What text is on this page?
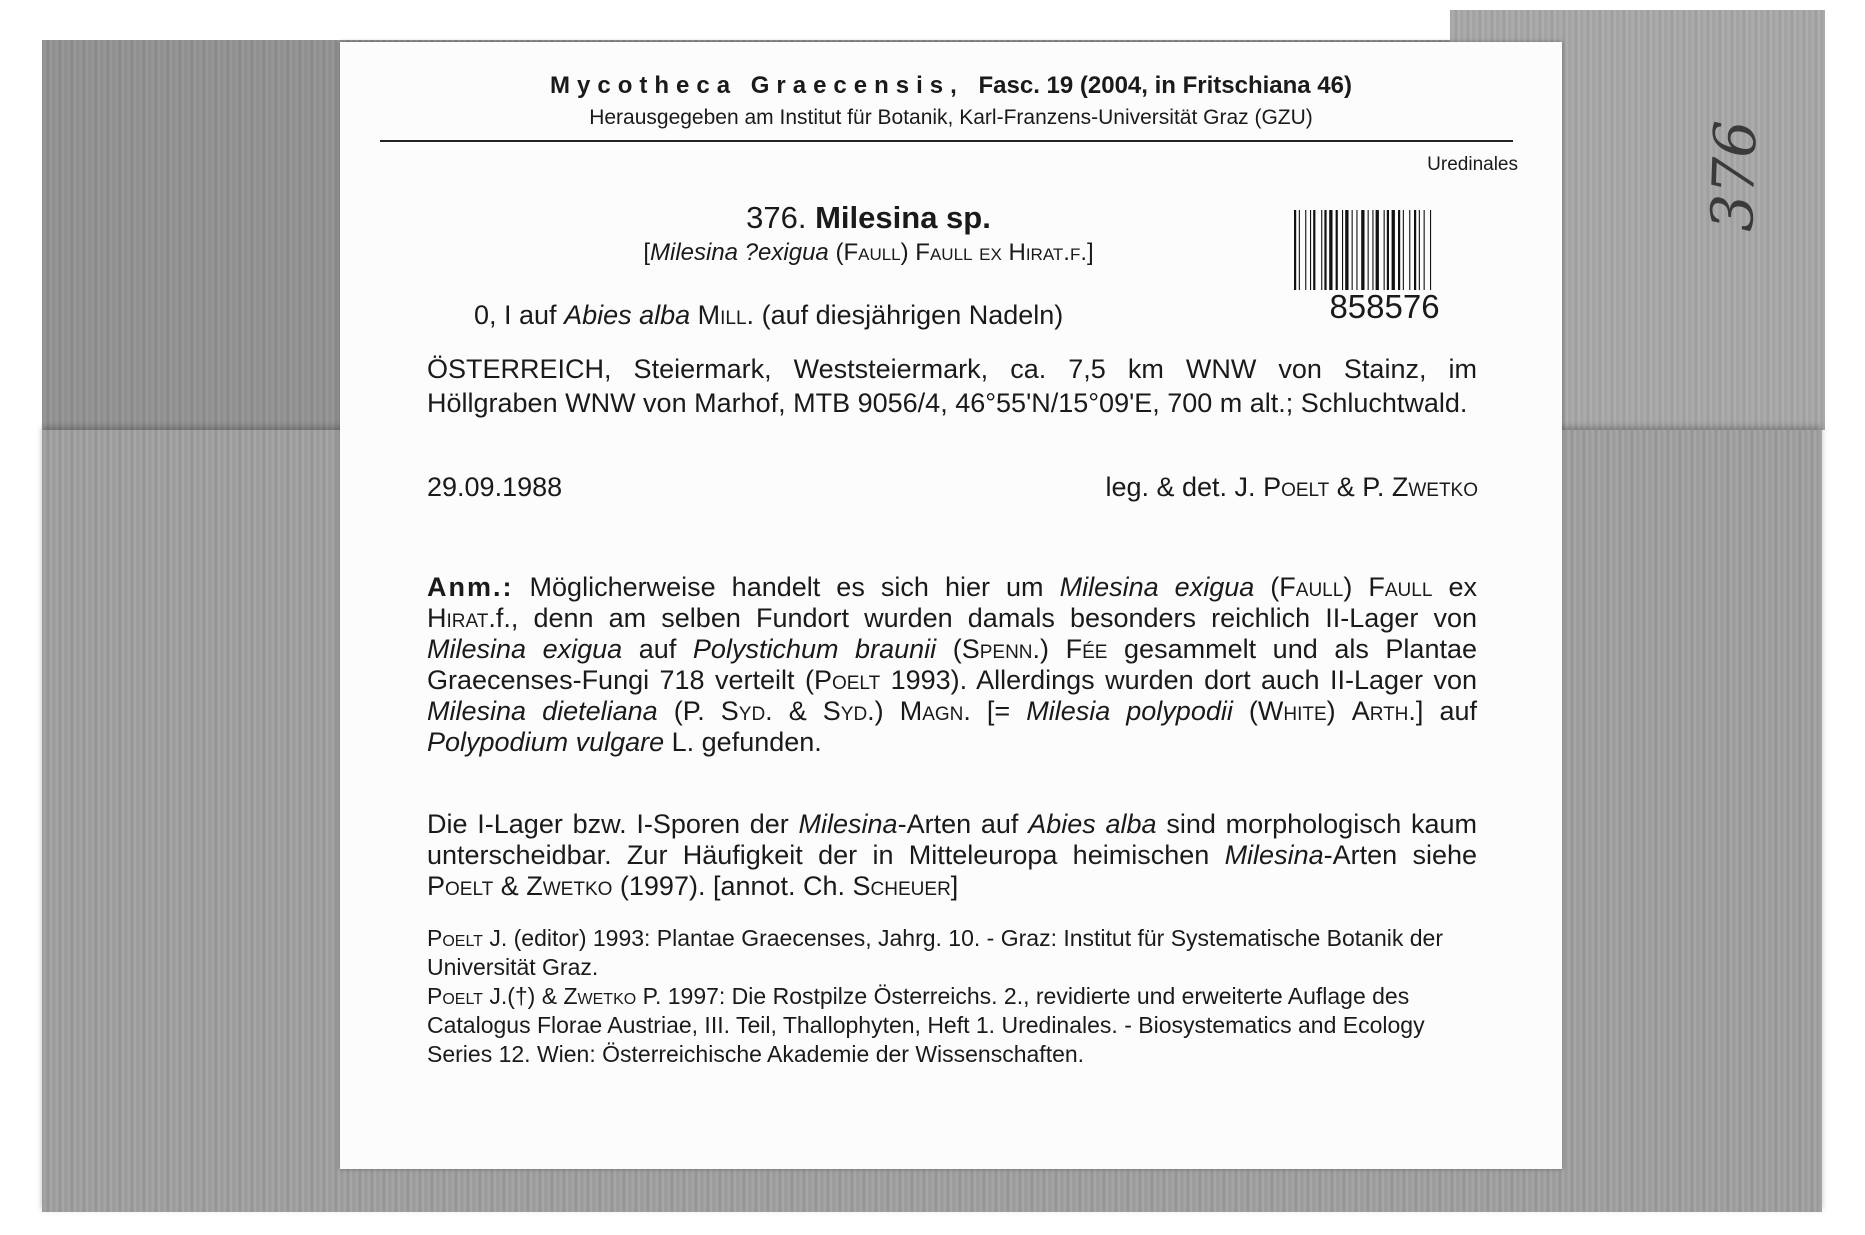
376
Mycotheca Graecensis, Fasc. 19 (2004, in Fritschiana 46)
Herausgegeben am Institut für Botanik, Karl-Franzens-Universität Graz (GZU)
Uredinales
376. Milesina sp.
[Milesina ?exigua (Faull) Faull ex Hirat.f.]
858576
0, I auf Abies alba Mill. (auf diesjährigen Nadeln)
ÖSTERREICH, Steiermark, Weststeiermark, ca. 7,5 km WNW von Stainz, im Höllgraben WNW von Marhof, MTB 9056/4, 46°55'N/15°09'E, 700 m alt.; Schluchtwald.
29.09.1988	leg. & det. J. Poelt & P. Zwetko
Anm.: Möglicherweise handelt es sich hier um Milesina exigua (Faull) Faull ex Hirat.f., denn am selben Fundort wurden damals besonders reichlich II-Lager von Milesina exigua auf Polystichum braunii (Spenn.) Fée gesammelt und als Plantae Graecenses-Fungi 718 verteilt (Poelt 1993). Allerdings wurden dort auch II-Lager von Milesina dieteliana (P. Syd. & Syd.) Magn. [= Milesia polypodii (White) Arth.] auf Polypodium vulgare L. gefunden.
Die I-Lager bzw. I-Sporen der Milesina-Arten auf Abies alba sind morphologisch kaum unterscheidbar. Zur Häufigkeit der in Mitteleuropa heimischen Milesina-Arten siehe Poelt & Zwetko (1997). [annot. Ch. Scheuer]
Poelt J. (editor) 1993: Plantae Graecenses, Jahrg. 10. - Graz: Institut für Systematische Botanik der Universität Graz.
Poelt J.(†) & Zwetko P. 1997: Die Rostpilze Österreichs. 2., revidierte und erweiterte Auflage des Catalogus Florae Austriae, III. Teil, Thallophyten, Heft 1. Uredinales. - Biosystematics and Ecology Series 12. Wien: Österreichische Akademie der Wissenschaften.
